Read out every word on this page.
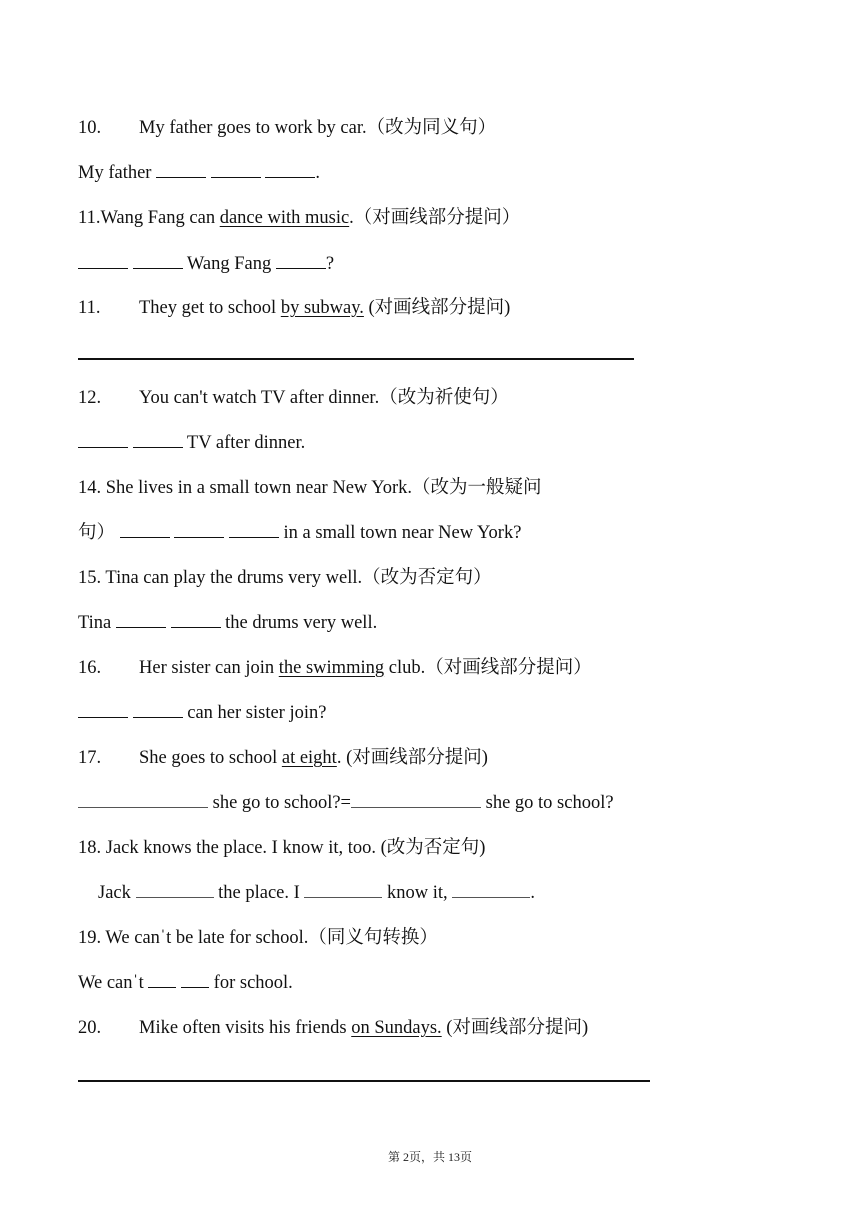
10. My father goes to work by car.（改为同义句）
My father	.
11.Wang Fang can dance with music.（对画线部分提问）
Wang Fang	?
11. They get to school by subway. (对画线部分提问)
12. You can't watch TV after dinner.（改为祈使句）
TV after dinner.
14. She lives in a small town near New York.（改为一般疑问
句）	in a small town near New York?
15. Tina can play the drums very well.（改为否定句）
Tina	the drums very well.
16. Her sister can join the swimming club.（对画线部分提问）
can her sister join?
17. She goes to school at eight. (对画线部分提问)
she go to school?=	she go to school?
18. Jack knows the place. I know it, too. (改为否定句)
Jack	the place. I	know it,	.
19. We canˈt be late for school.（同义句转换）
We canˈt	for school.
20. Mike often visits his friends on Sundays. (对画线部分提问)
第 2页，共 13页
